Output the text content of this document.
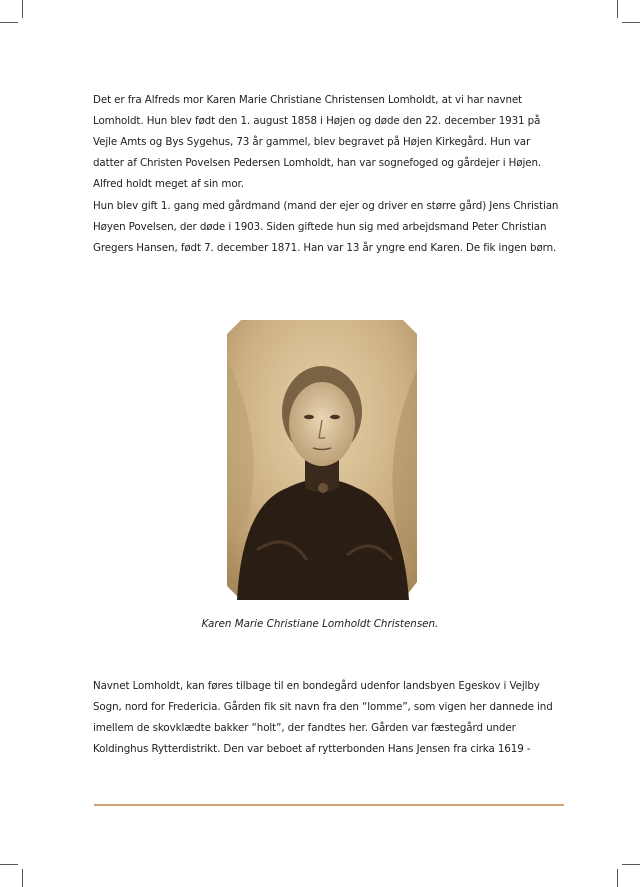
Det er fra Alfreds mor Karen Marie Christiane Christensen Lomholdt, at vi har navnet Lomholdt. Hun blev født den 1. august 1858 i Højen og døde den 22. december 1931 på Vejle Amts og Bys Sygehus, 73 år gammel, blev begravet på Højen Kirkegård. Hun var datter af Christen Povelsen Pedersen Lomholdt, han var sognefoged og gårdejer i Højen. Alfred holdt meget af sin mor.

Hun blev gift 1. gang med gårdmand (mand der ejer og driver en større gård) Jens Christian Høyen Povelsen, der døde i 1903. Siden giftede hun sig med arbejdsmand Peter Christian Gregers Hansen, født 7. december 1871. Han var 13 år yngre end Karen. De fik ingen børn.

Karen Marie Christiane Lomholdt Christensen.

Navnet Lomholdt, kan føres tilbage til en bondegård udenfor landsbyen Egeskov i Vejlby Sogn, nord for Fredericia. Gården fik sit navn fra den “lomme”, som vigen her dannede ind imellem de skovklædte bakker “holt”, der fandtes her. Gården var fæstegård under Koldinghus Rytterdistrikt. Den var beboet af rytterbonden Hans Jensen fra cirka 1619 -
